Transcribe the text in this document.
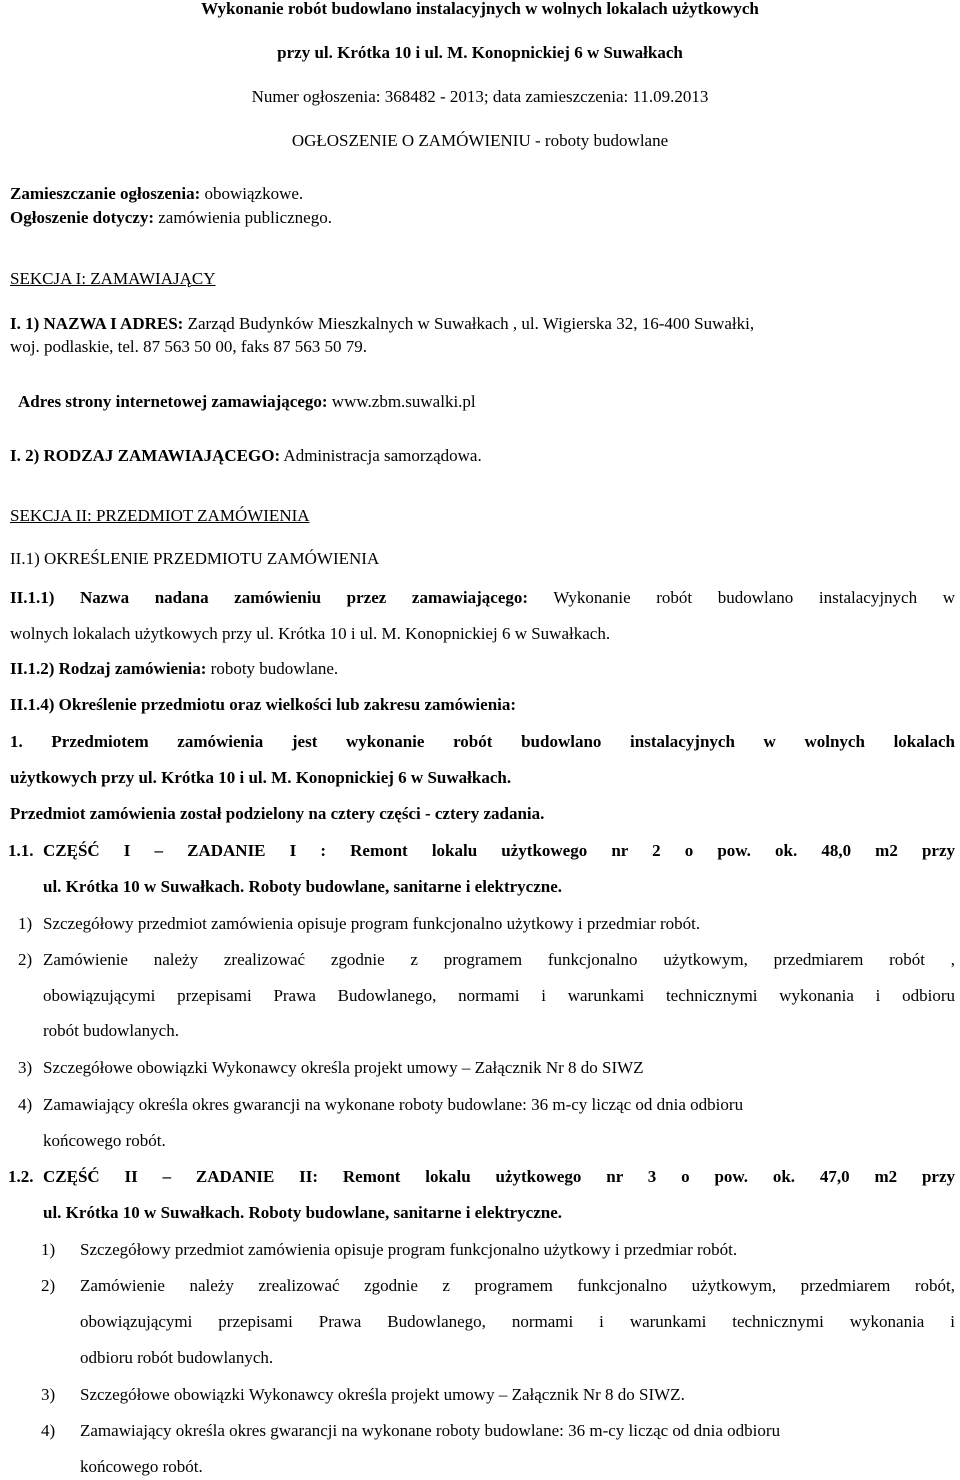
Wykonanie robót budowlano instalacyjnych w wolnych lokalach użytkowych
przy ul. Krótka 10 i ul. M. Konopnickiej 6 w Suwałkach
Numer ogłoszenia: 368482 - 2013; data zamieszczenia: 11.09.2013
OGŁOSZENIE O ZAMÓWIENIU - roboty budowlane
Zamieszczanie ogłoszenia: obowiązkowe.
Ogłoszenie dotyczy: zamówienia publicznego.
SEKCJA I: ZAMAWIAJĄCY
I. 1) NAZWA I ADRES: Zarząd Budynków Mieszkalnych w Suwałkach , ul. Wigierska 32, 16-400 Suwałki,
woj. podlaskie, tel. 87 563 50 00, faks 87 563 50 79.
Adres strony internetowej zamawiającego: www.zbm.suwalki.pl
I. 2) RODZAJ ZAMAWIAJĄCEGO: Administracja samorządowa.
SEKCJA II: PRZEDMIOT ZAMÓWIENIA
II.1) OKREŚLENIE PRZEDMIOTU ZAMÓWIENIA
II.1.1) Nazwa nadana zamówieniu przez zamawiającego: Wykonanie robót budowlano instalacyjnych w
wolnych lokalach użytkowych przy ul. Krótka 10 i ul. M. Konopnickiej 6 w Suwałkach.
II.1.2) Rodzaj zamówienia: roboty budowlane.
II.1.4) Określenie przedmiotu oraz wielkości lub zakresu zamówienia:
1. Przedmiotem zamówienia jest wykonanie robót budowlano instalacyjnych w wolnych lokalach
użytkowych przy ul. Krótka 10 i ul. M. Konopnickiej 6 w Suwałkach.
Przedmiot zamówienia został podzielony na cztery części - cztery zadania.
1.1. CZĘŚĆ I – ZADANIE I : Remont lokalu użytkowego nr 2 o pow. ok. 48,0 m2 przy
ul. Krótka 10 w Suwałkach. Roboty budowlane, sanitarne i elektryczne.
1) Szczegółowy przedmiot zamówienia opisuje program funkcjonalno użytkowy i przedmiar robót.
2) Zamówienie należy zrealizować zgodnie z programem funkcjonalno użytkowym, przedmiarem robót ,
obowiązującymi przepisami Prawa Budowlanego, normami i warunkami technicznymi wykonania i odbioru
robót budowlanych.
3) Szczegółowe obowiązki Wykonawcy określa projekt umowy – Załącznik Nr 8 do SIWZ
4) Zamawiający określa okres gwarancji na wykonane roboty budowlane: 36 m-cy licząc od dnia odbioru
końcowego robót.
1.2. CZĘŚĆ II – ZADANIE II: Remont lokalu użytkowego nr 3 o pow. ok. 47,0 m2 przy
ul. Krótka 10 w Suwałkach. Roboty budowlane, sanitarne i elektryczne.
1) Szczegółowy przedmiot zamówienia opisuje program funkcjonalno użytkowy i przedmiar robót.
2) Zamówienie należy zrealizować zgodnie z programem funkcjonalno użytkowym, przedmiarem robót,
obowiązującymi przepisami Prawa Budowlanego, normami i warunkami technicznymi wykonania i
odbioru robót budowlanych.
3) Szczegółowe obowiązki Wykonawcy określa projekt umowy – Załącznik Nr 8 do SIWZ.
4) Zamawiający określa okres gwarancji na wykonane roboty budowlane: 36 m-cy licząc od dnia odbioru
końcowego robót.
